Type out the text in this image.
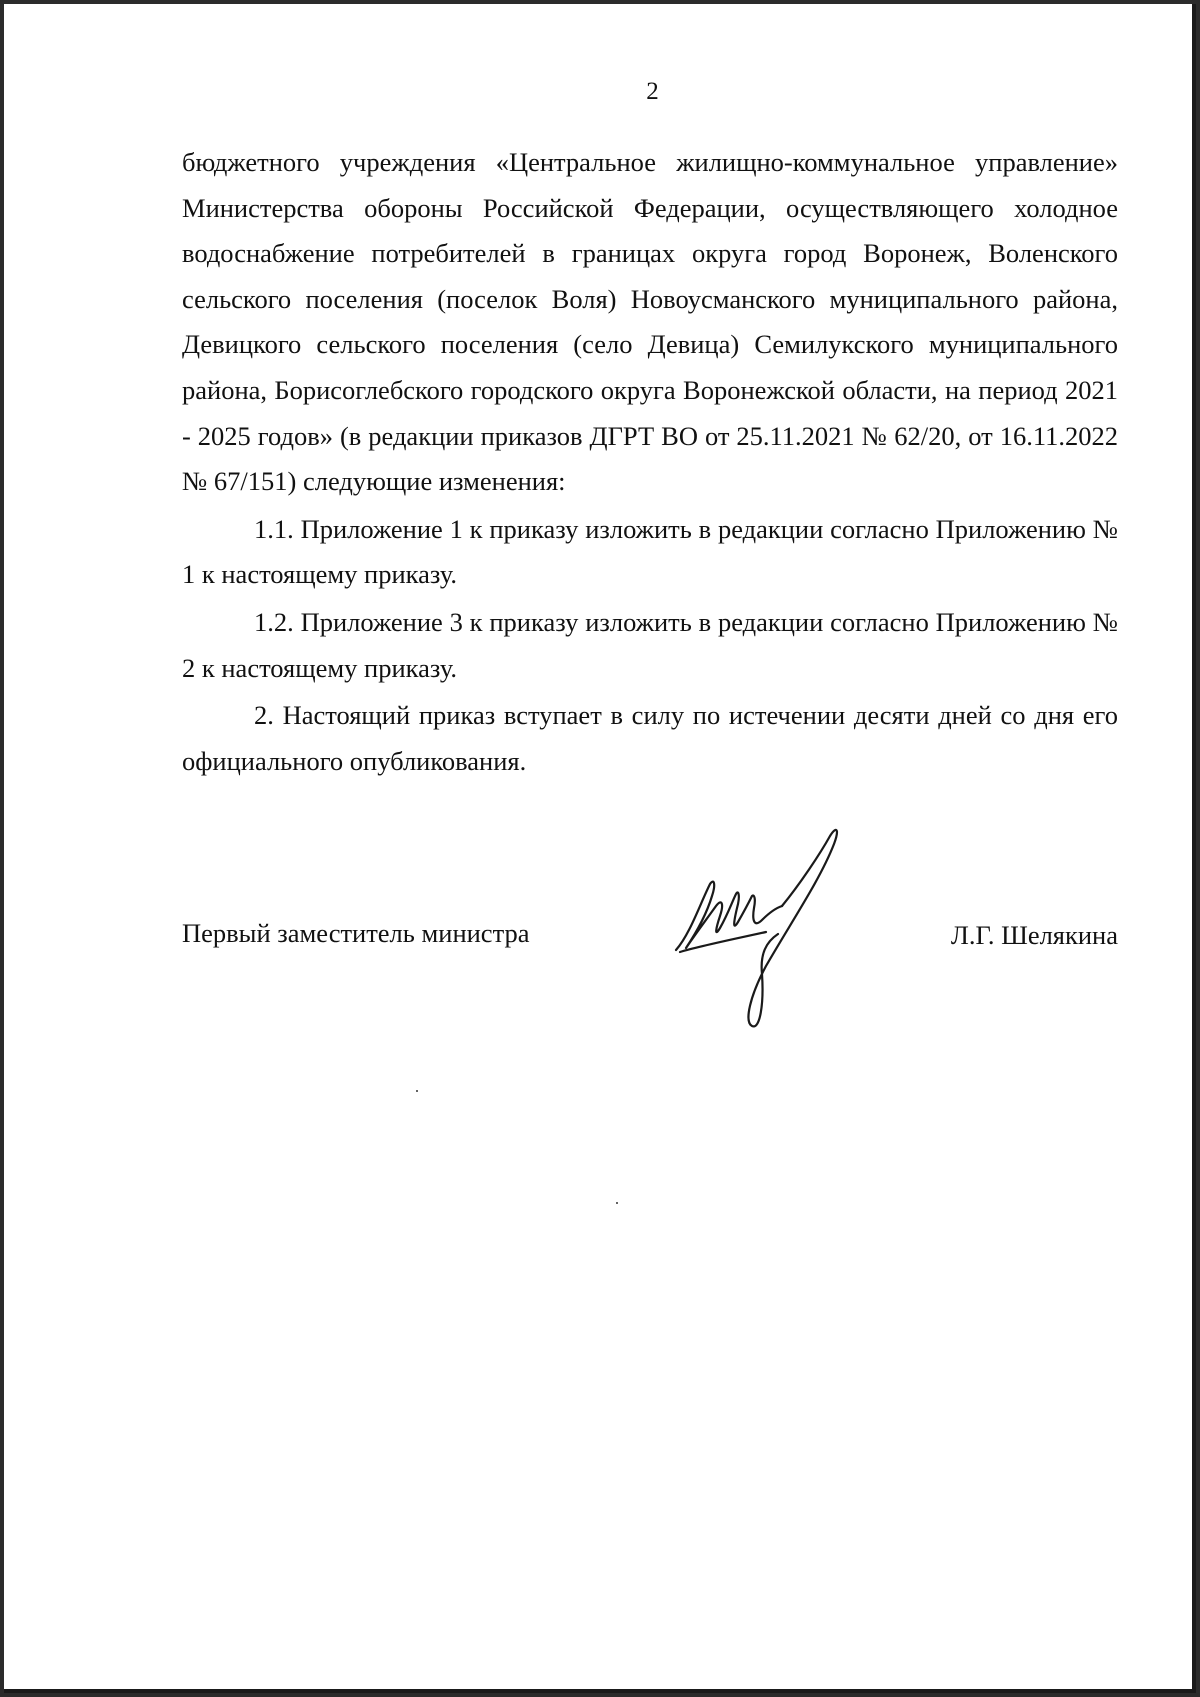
2

бюджетного учреждения «Центральное жилищно-коммунальное управление» Министерства обороны Российской Федерации, осуществляющего холодное водоснабжение потребителей в границах округа город Воронеж, Воленского сельского поселения (поселок Воля) Новоусманского муниципального района, Девицкого сельского поселения (село Девица) Семилукского муниципального района, Борисоглебского городского округа Воронежской области, на период 2021 - 2025 годов» (в редакции приказов ДГРТ ВО от 25.11.2021 № 62/20, от 16.11.2022 № 67/151) следующие изменения:

1.1. Приложение 1 к приказу изложить в редакции согласно Приложению № 1 к настоящему приказу.

1.2. Приложение 3 к приказу изложить в редакции согласно Приложению № 2 к настоящему приказу.

2. Настоящий приказ вступает в силу по истечении десяти дней со дня его официального опубликования.

Первый заместитель министра	Л.Г. Шелякина
